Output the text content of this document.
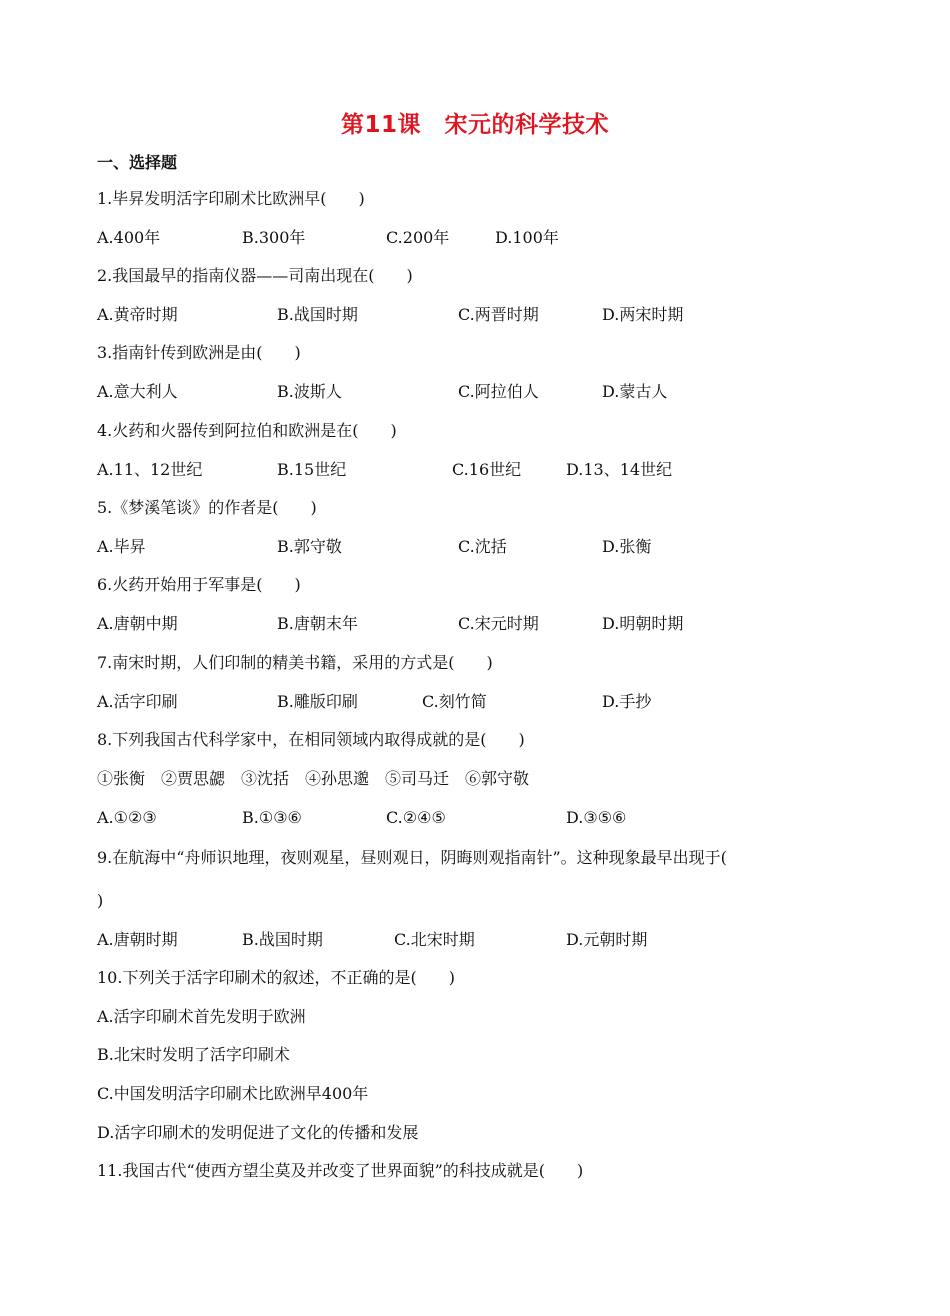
第11课　宋元的科学技术
一、选择题
1.毕昇发明活字印刷术比欧洲早(　　)
A.400年	B.300年	C.200年	D.100年
2.我国最早的指南仪器——司南出现在(　　)
A.黄帝时期	B.战国时期	C.两晋时期	D.两宋时期
3.指南针传到欧洲是由(　　)
A.意大利人	B.波斯人	C.阿拉伯人	D.蒙古人
4.火药和火器传到阿拉伯和欧洲是在(　　)
A.11、12世纪	B.15世纪	C.16世纪	D.13、14世纪
5.《梦溪笔谈》的作者是(　　)
A.毕昇	B.郭守敬	C.沈括	D.张衡
6.火药开始用于军事是(　　)
A.唐朝中期	B.唐朝末年	C.宋元时期	D.明朝时期
7.南宋时期，人们印制的精美书籍，采用的方式是(　　)
A.活字印刷	B.雕版印刷	C.刻竹简	D.手抄
8.下列我国古代科学家中，在相同领域内取得成就的是(　　)
①张衡　②贾思勰　③沈括　④孙思邈　⑤司马迁　⑥郭守敬
A.①②③	B.①③⑥	C.②④⑤	D.③⑤⑥
9.在航海中“舟师识地理，夜则观星，昼则观日，阴晦则观指南针”。这种现象最早出现于(
)
A.唐朝时期	B.战国时期	C.北宋时期	D.元朝时期
10.下列关于活字印刷术的叙述，不正确的是(　　)
A.活字印刷术首先发明于欧洲
B.北宋时发明了活字印刷术
C.中国发明活字印刷术比欧洲早400年
D.活字印刷术的发明促进了文化的传播和发展
11.我国古代“使西方望尘莫及并改变了世界面貌”的科技成就是(　　)
